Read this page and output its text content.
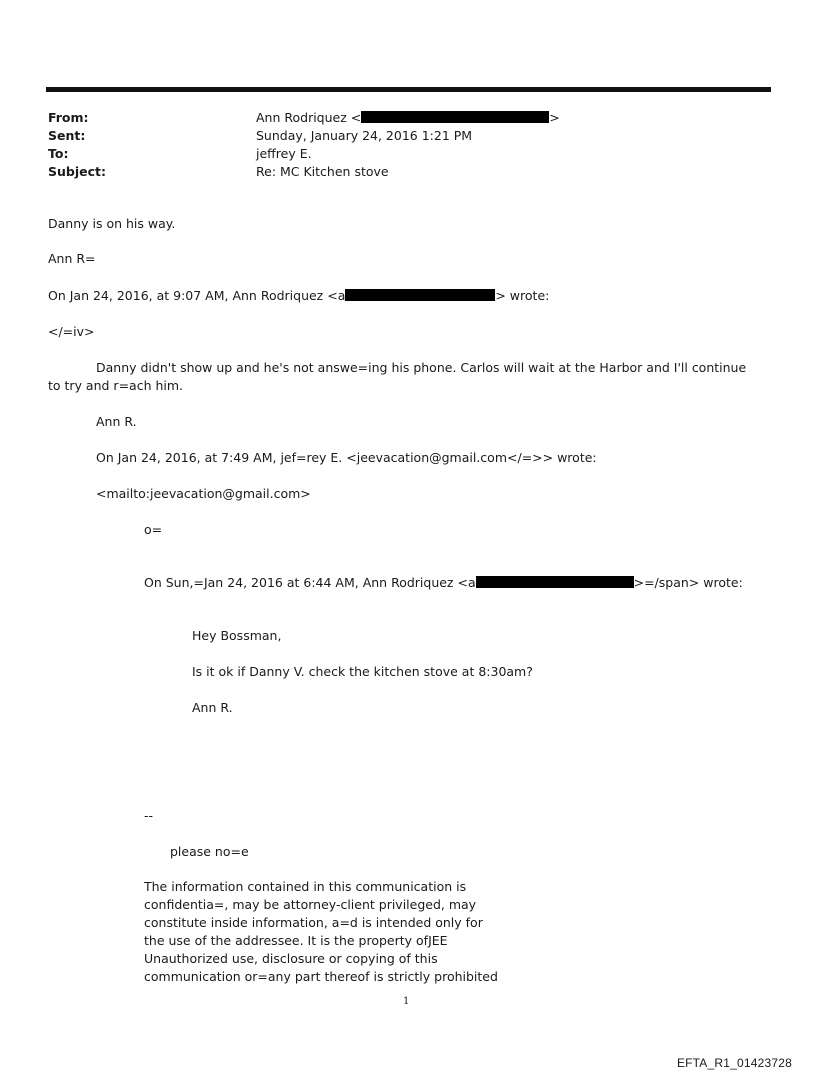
From:	Ann Rodriquez <	>
Sent:	Sunday, January 24, 2016 1:21 PM
To:	jeffrey E.
Subject:	Re: MC Kitchen stove
Danny is on his way.
Ann R=
On Jan 24, 2016, at 9:07 AM, Ann Rodriquez <a	> wrote:
</=iv>
Danny didn't show up and he's not answe=ing his phone. Carlos will wait at the Harbor and I'll continue to try and r=ach him.
Ann R.
On Jan 24, 2016, at 7:49 AM, jef=rey E. <jeevacation@gmail.com</=>> wrote:
<mailto:jeevacation@gmail.com>
o=
On Sun,=Jan 24, 2016 at 6:44 AM, Ann Rodriquez <a	>=/span> wrote:
Hey Bossman,
Is it ok if Danny V. check the kitchen stove at 8:30am?
Ann R.
--
please no=e
The information contained in this communication is
confidentia=, may be attorney-client privileged, may
constitute inside information, a=d is intended only for
the use of the addressee. It is the property ofJEE
Unauthorized use, disclosure or copying of this
communication or=any part thereof is strictly prohibited
1
EFTA_R1_01423728
